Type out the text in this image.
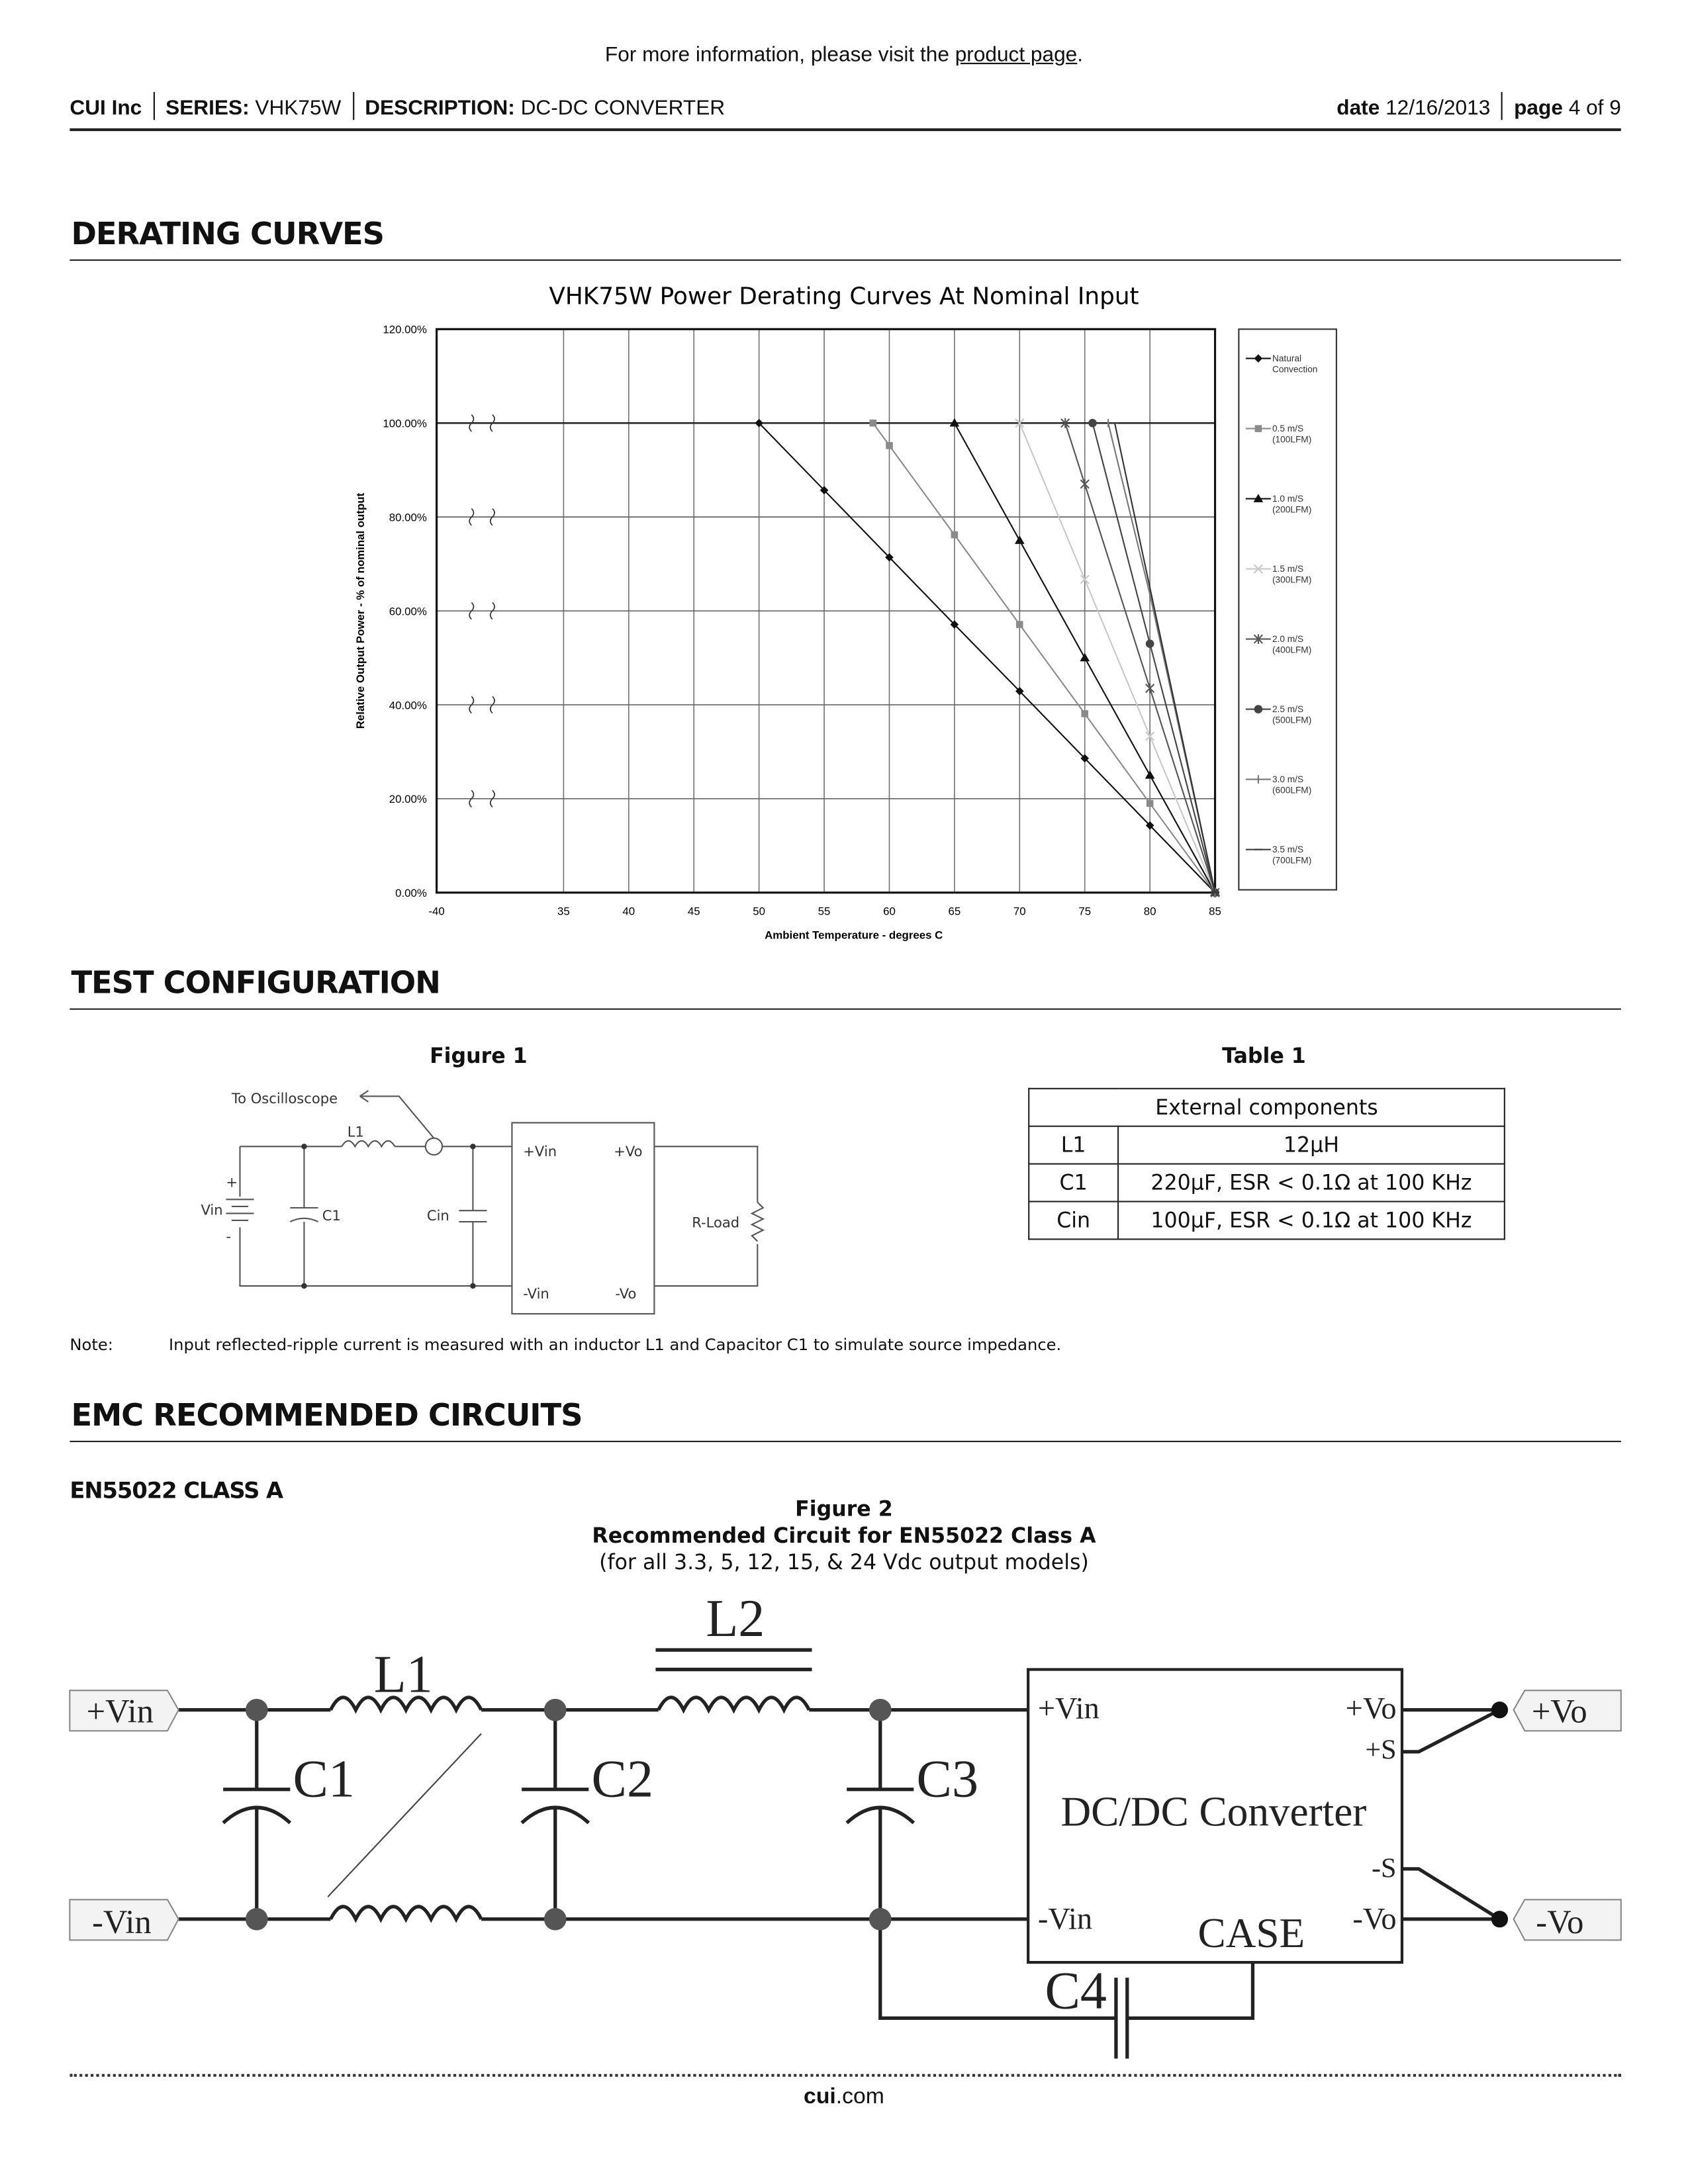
For more information, please visit the product page.
CUI Inc SERIES: VHK75W DESCRIPTION: DC-DC CONVERTER	date 12/16/2013 page 4 of 9
DERATING CURVES
VHK75W Power Derating Curves At Nominal Input
-40	35	40	45	50	55	60	65	70	75	80	85
0.00%
20.00%
40.00%
60.00%
80.00%
100.00%
120.00%
Ambient Temperature - degrees C
Relative Output Power - % of nominal output
Natural
Convection
0.5 m/S
(100LFM)
1.0 m/S
(200LFM)
1.5 m/S
(300LFM)
2.0 m/S
(400LFM)
2.5 m/S
(500LFM)
3.0 m/S
(600LFM)
3.5 m/S
(700LFM)
TEST CONFIGURATION
Figure 1	Table 1
To Oscilloscope
L1
Vin
+
-
C1	Cin
+Vin	+Vo
-Vin	-Vo
R-Load
External components	
L1	12μH
C1	220μF, ESR < 0.1Ω at 100 KHz
Cin	100μF, ESR < 0.1Ω at 100 KHz
Note:	Input reflected-ripple current is measured with an inductor L1 and Capacitor C1 to simulate source impedance.
EMC RECOMMENDED CIRCUITS
EN55022 CLASS A
Figure 2
Recommended Circuit for EN55022 Class A
(for all 3.3, 5, 12, 15, & 24 Vdc output models)
+Vin
-Vin
+Vo
-Vo
L1
L2
C1	C2	C3
C4
+Vin	+Vo
+S
DC/DC Converter
-S
-Vin	-Vo
CASE
cui.com
